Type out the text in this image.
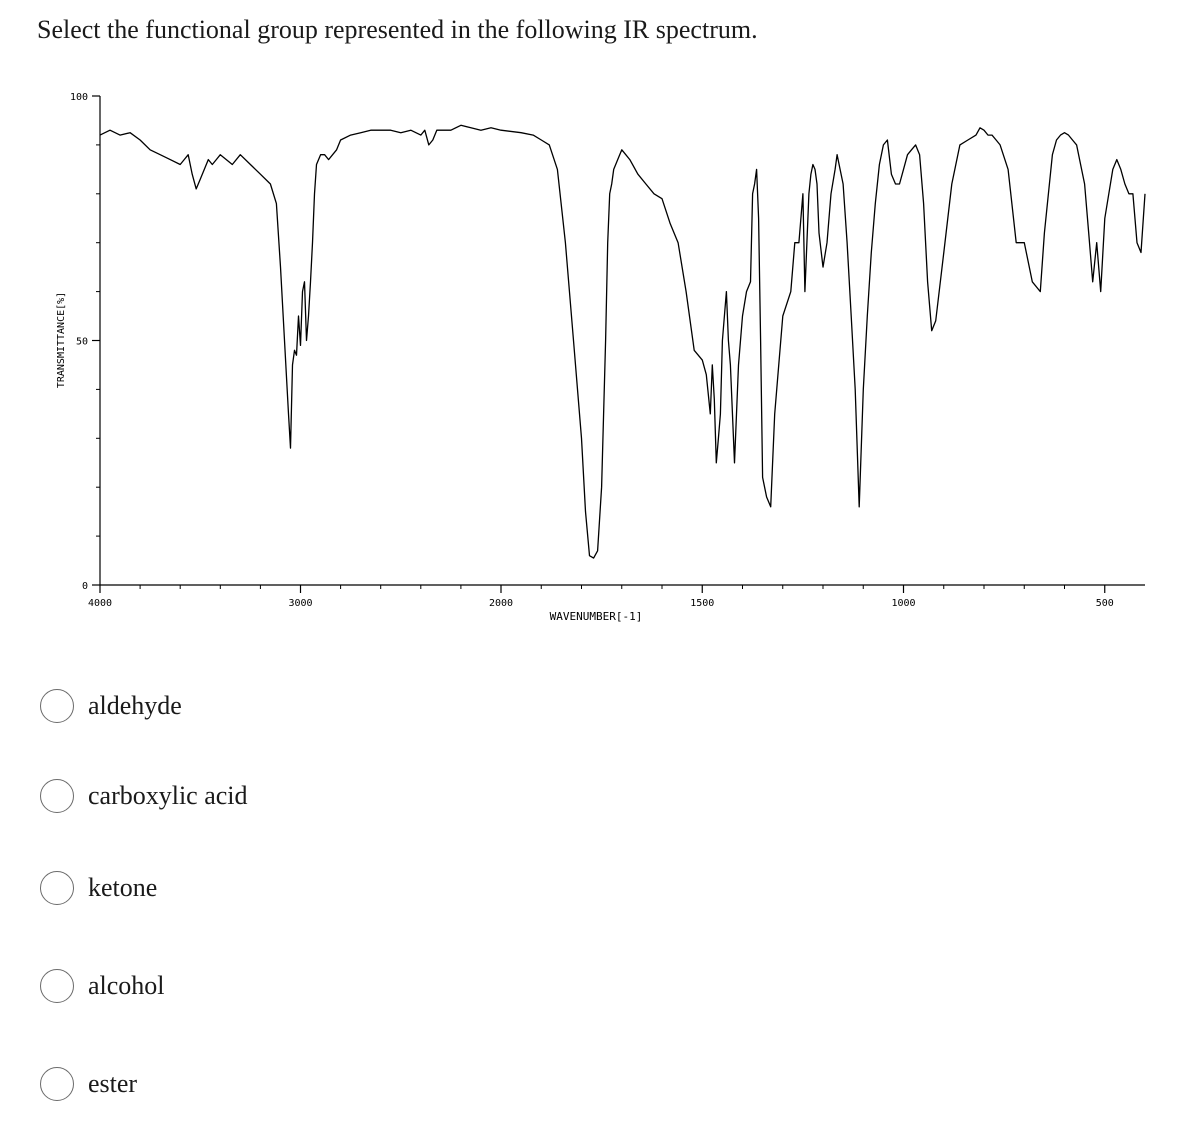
Select the functional group represented in the following IR spectrum.
0
50
100
4000	3000	2000	1500	1000	500
WAVENUMBER[-1]
TRANSMITTANCE[%]
aldehyde
carboxylic acid
ketone
alcohol
ester
